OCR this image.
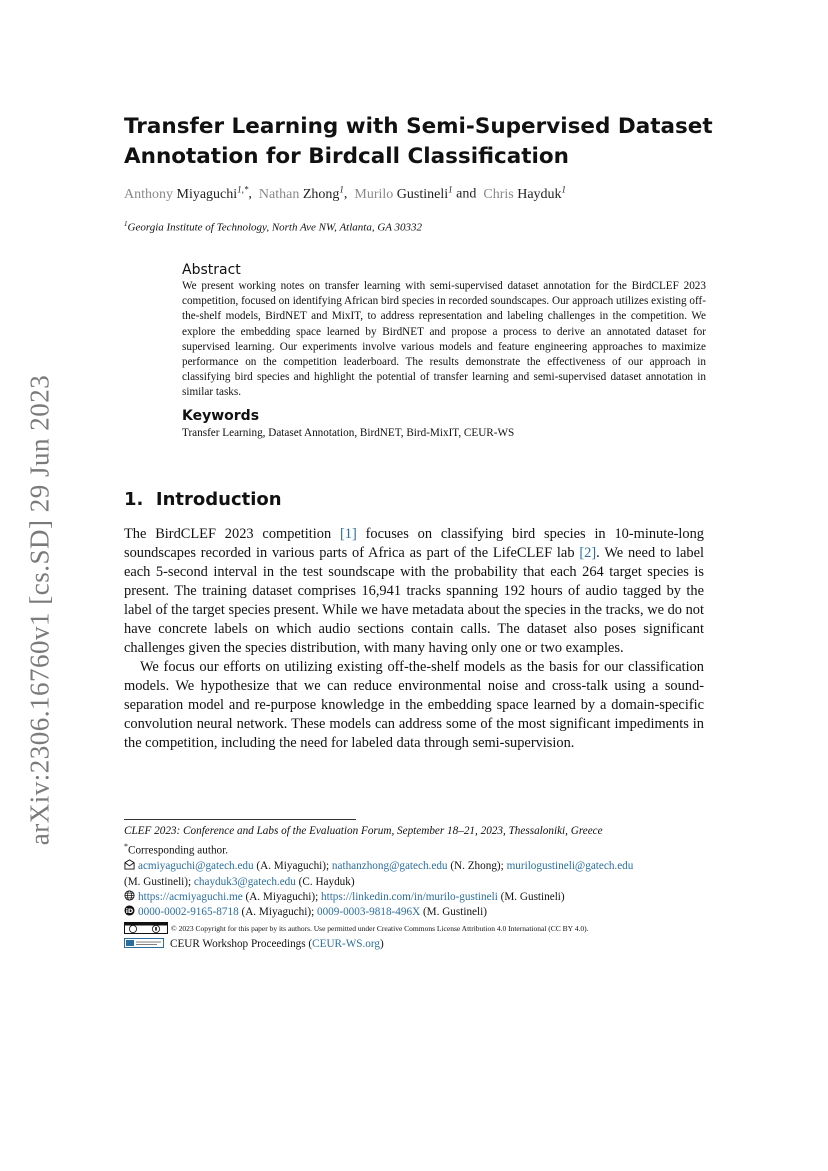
arXiv:2306.16760v1 [cs.SD] 29 Jun 2023
Transfer Learning with Semi-Supervised Dataset
Annotation for Birdcall Classification
Anthony Miyaguchi$^{1,*}$,  Nathan Zhong$^1$,  Murilo Gustineli$^1$ and  Chris Hayduk$^1$
$^1$Georgia Institute of Technology, North Ave NW, Atlanta, GA 30332
Abstract
We present working notes on transfer learning with semi-supervised dataset annotation for the BirdCLEF 2023 competition, focused on identifying African bird species in recorded soundscapes. Our approach utilizes existing off-the-shelf models, BirdNET and MixIT, to address representation and labeling challenges in the competition. We explore the embedding space learned by BirdNET and propose a process to derive an annotated dataset for supervised learning. Our experiments involve various models and feature engineering approaches to maximize performance on the competition leaderboard. The results demonstrate the effectiveness of our approach in classifying bird species and highlight the potential of transfer learning and semi-supervised dataset annotation in similar tasks.
Keywords
Transfer Learning, Dataset Annotation, BirdNET, Bird-MixIT, CEUR-WS
1. Introduction

The BirdCLEF 2023 competition [1] focuses on classifying bird species in 10-minute-long soundscapes recorded in various parts of Africa as part of the LifeCLEF lab [2]. We need to label each 5-second interval in the test soundscape with the probability that each 264 target species is present. The training dataset comprises 16,941 tracks spanning 192 hours of audio tagged by the label of the target species present. While we have metadata about the species in the tracks, we do not have concrete labels on which audio sections contain calls. The dataset also poses significant challenges given the species distribution, with many having only one or two examples.

We focus our efforts on utilizing existing off-the-shelf models as the basis for our classification models. We hypothesize that we can reduce environmental noise and cross-talk using a sound-separation model and re-purpose knowledge in the embedding space learned by a domain-specific convolution neural network. These models can address some of the most significant impediments in the competition, including the need for labeled data through semi-supervision.

CLEF 2023: Conference and Labs of the Evaluation Forum, September 18–21, 2023, Thessaloniki, Greece
*Corresponding author.
acmiyaguchi@gatech.edu (A. Miyaguchi); nathanzhong@gatech.edu (N. Zhong); murilogustineli@gatech.edu
(M. Gustineli); chayduk3@gatech.edu (C. Hayduk)
https://acmiyaguchi.me (A. Miyaguchi); https://linkedin.com/in/murilo-gustineli (M. Gustineli)
iD 0000-0002-9165-8718 (A. Miyaguchi); 0009-0003-9818-496X (M. Gustineli)
© 2023 Copyright for this paper by its authors. Use permitted under Creative Commons License Attribution 4.0 International (CC BY 4.0).
CEUR Workshop Proceedings (CEUR-WS.org)
